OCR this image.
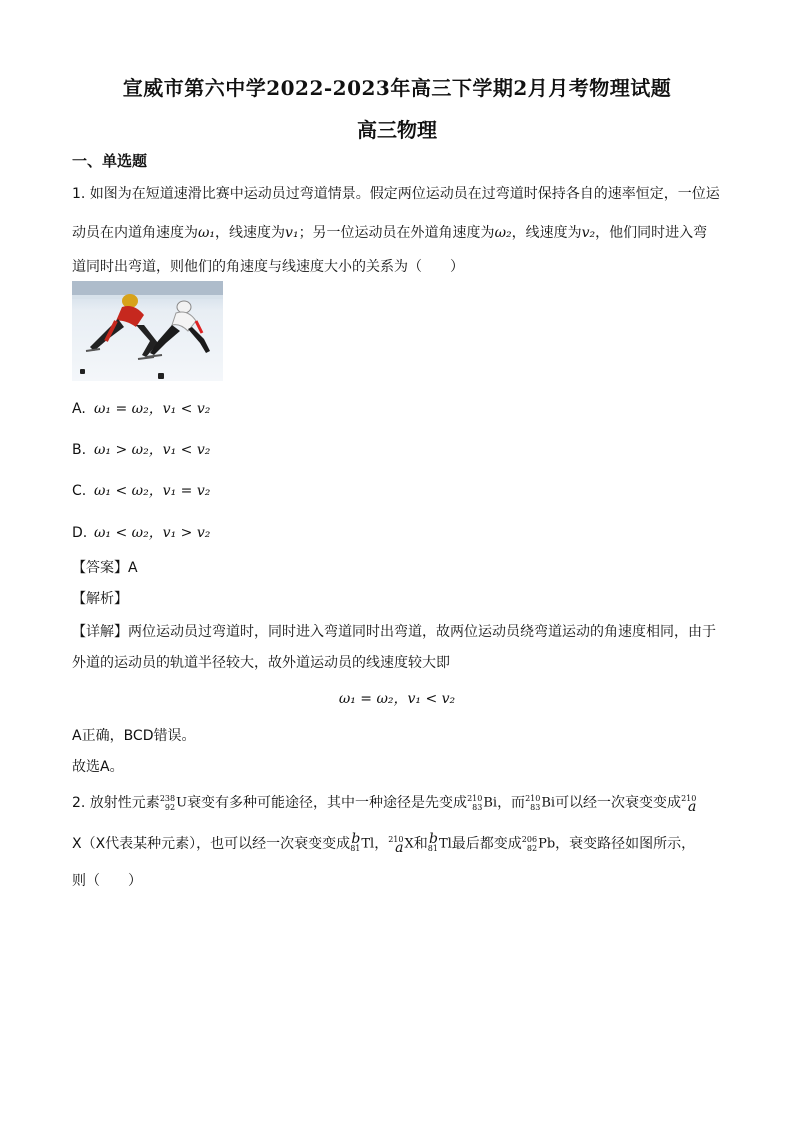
宣威市第六中学2022-2023年高三下学期2月月考物理试题
高三物理
一、单选题
1. 如图为在短道速滑比赛中运动员过弯道情景。假定两位运动员在过弯道时保持各自的速率恒定，一位运
动员在内道角速度为ω₁，线速度为v₁；另一位运动员在外道角速度为ω₂，线速度为v₂，他们同时进入弯
道同时出弯道，则他们的角速度与线速度大小的关系为（　　）
A. ω₁ = ω₂，v₁ < v₂
B. ω₁ > ω₂，v₁ < v₂
C. ω₁ < ω₂，v₁ = v₂
D. ω₁ < ω₂，v₁ > v₂
【答案】A
【解析】
【详解】两位运动员过弯道时，同时进入弯道同时出弯道，故两位运动员绕弯道运动的角速度相同，由于
外道的运动员的轨道半径较大，故外道运动员的线速度较大即
ω₁ = ω₂，v₁ < v₂
A正确，BCD错误。
故选A。
2. 放射性元素 238
92 U衰变有多种可能途径，其中一种途径是先变成 210
83 Bi，而 210
83 Bi可以经一次衰变变成 210
a
X（X代表某种元素），也可以经一次衰变变成 b
81 Tl， 210
a X和 b
81 Tl最后都变成 206
82 Pb，衰变路径如图所示，
则（　　）
